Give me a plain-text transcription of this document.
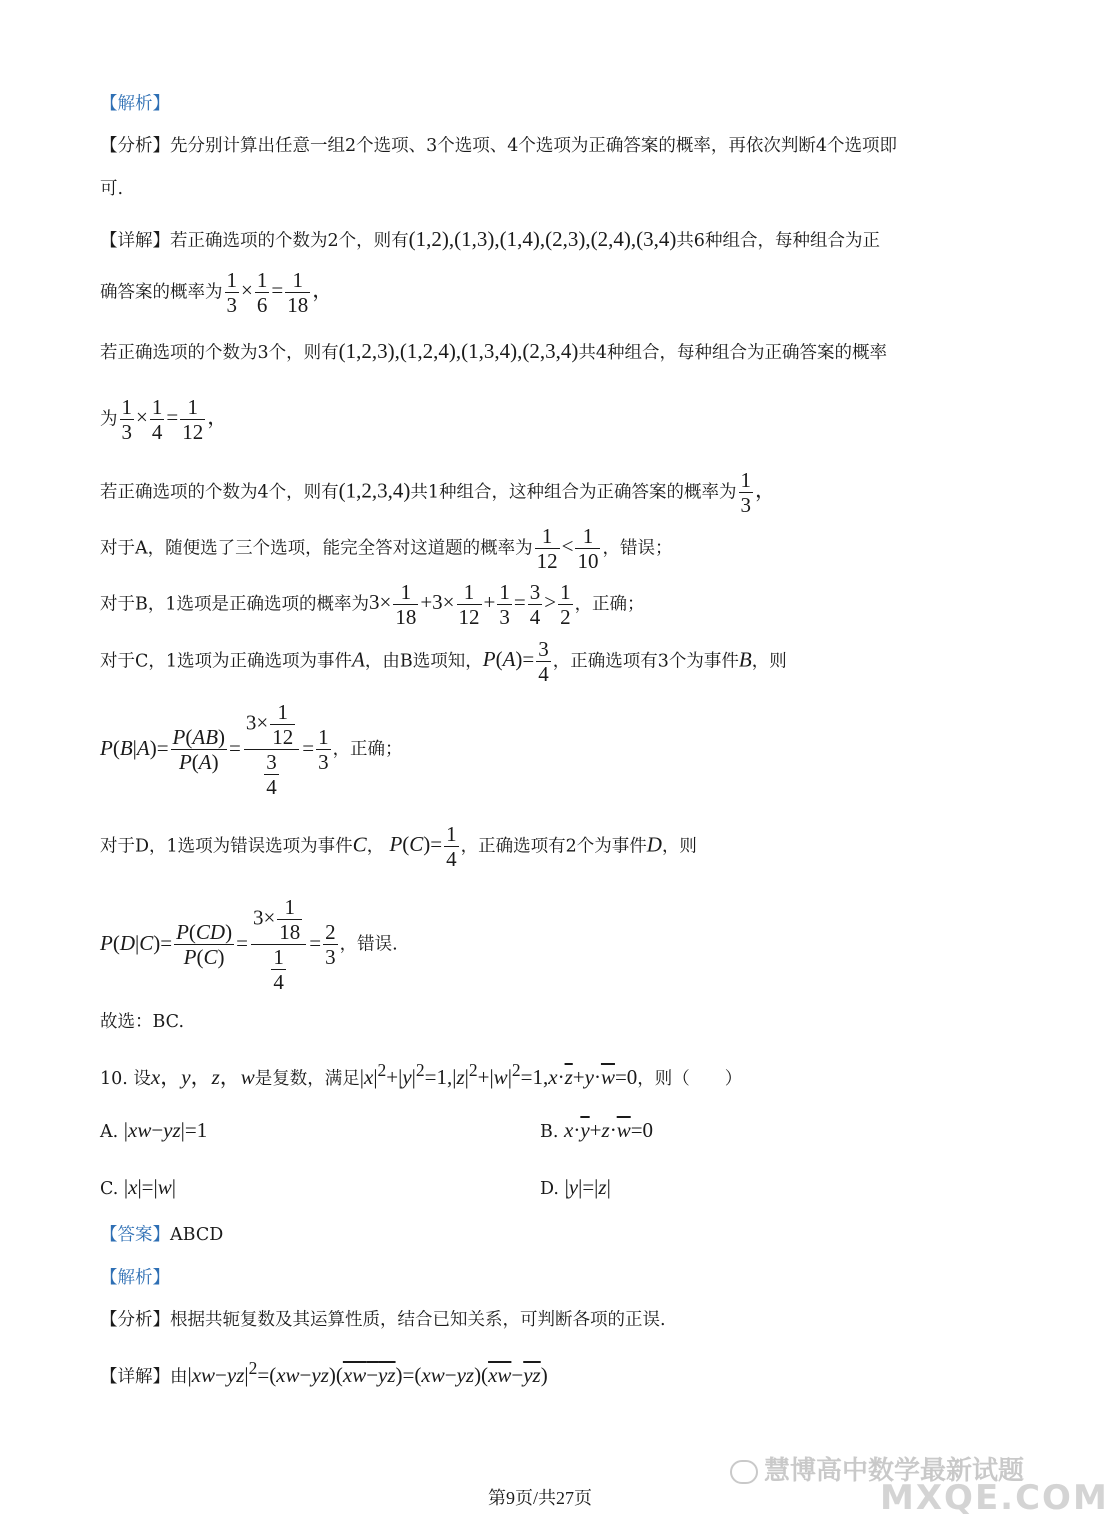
【解析】
【分析】先分别计算出任意一组2个选项、3个选项、4个选项为正确答案的概率，再依次判断4个选项即
可.
【详解】若正确选项的个数为2个，则有(1,2),(1,3),(1,4),(2,3),(2,4),(3,4)共6种组合，每种组合为正
确答案的概率为 $\frac{1}{3} \times \frac{1}{6} = \frac{1}{18}$ ，
若正确选项的个数为3个，则有(1,2,3),(1,2,4),(1,3,4),(2,3,4)共4种组合，每种组合为正确答案的概率
为 $\frac{1}{3} \times \frac{1}{4} = \frac{1}{12}$ ，
若正确选项的个数为4个，则有(1,2,3,4)共1种组合，这种组合为正确答案的概率为 $\frac{1}{3}$ ，
对于A，随便选了三个选项，能完全答对这道题的概率为 $\frac{1}{12} < \frac{1}{10}$ ，错误；
对于B，1选项是正确选项的概率为$3\times \frac{1}{18} +3\times \frac{1}{12} + \frac{1}{3} = \frac{3}{4} > \frac{1}{2}$ ，正确；
对于C，1选项为正确选项为事件A，由B选项知，$P(A)= \frac{3}{4}$ ，正确选项有3个为事件B，则
$P(B|A)= \frac{P(AB)}{P(A)} = \frac{3\times \frac{1}{12}}{\frac{3}{4}} = \frac{1}{3}$ ，正确；
对于D，1选项为错误选项为事件C， $P(C)= \frac{1}{4}$ ，正确选项有2个为事件D，则
$P(D|C)= \frac{P(CD)}{P(C)} = \frac{3\times \frac{1}{18}}{\frac{1}{4}} = \frac{2}{3}$ ，错误.
故选：BC.
10. 设x，y，z，w是复数，满足$|x|^2+|y|^2=1,|z|^2+|w|^2=1,x\cdot\overline{z}+y\cdot\overline{w}=0$，则（　　）
A. |xw−yz|=1	B. $x\cdot\overline{y}+z\cdot\overline{w}=0$
C. |x|=|w|	D. |y|=|z|
【答案】ABCD
【解析】
【分析】根据共轭复数及其运算性质，结合已知关系，可判断各项的正误.
【详解】由$|xw-yz|^2=(xw-yz)(xw-yz)=(xw-yz)(\overline{xw}-\overline{yz})$
慧博高中数学最新试题
MXQE.COM
第9页/共27页
